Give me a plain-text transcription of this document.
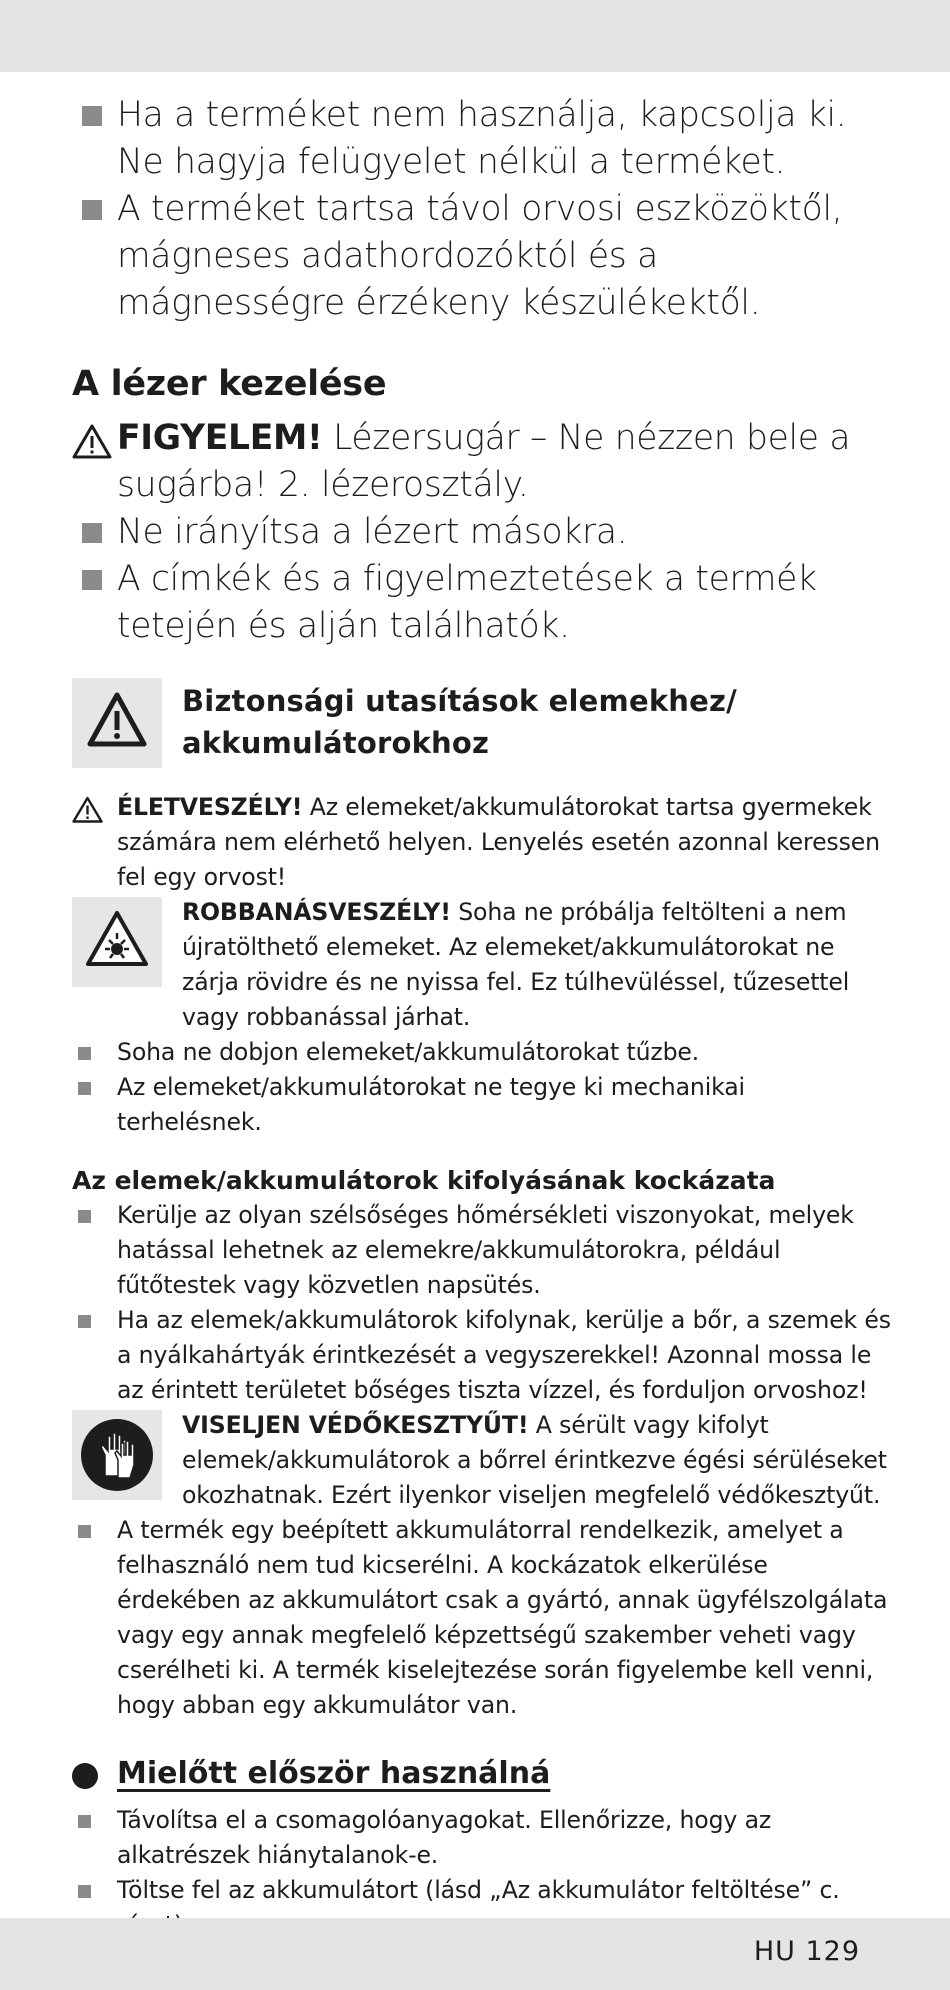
Ha a terméket nem használja, kapcsolja ki. Ne hagyja felügyelet nélkül a terméket.
A terméket tartsa távol orvosi eszközöktől, mágneses adathordozóktól és a mágnességre érzékeny készülékektől.
A lézer kezelése
FIGYELEM! Lézersugár – Ne nézzen bele a sugárba! 2. lézerosztály.
Ne irányítsa a lézert másokra.
A címkék és a figyelmeztetések a termék tetején és alján találhatók.
Biztonsági utasítások elemekhez/
akkumulátorokhoz
ÉLETVESZÉLY! Az elemeket/akkumulátorokat tartsa gyermekek számára nem elérhető helyen. Lenyelés esetén azonnal keressen fel egy orvost!
ROBBANÁSVESZÉLY! Soha ne próbálja feltölteni a nem újratölthető elemeket. Az elemeket/akkumulátorokat ne zárja rövidre és ne nyissa fel. Ez túlhevüléssel, tűzesettel vagy robbanással járhat.
Soha ne dobjon elemeket/akkumulátorokat tűzbe.
Az elemeket/akkumulátorokat ne tegye ki mechanikai terhelésnek.
Az elemek/akkumulátorok kifolyásának kockázata
Kerülje az olyan szélsőséges hőmérsékleti viszonyokat, melyek hatással lehetnek az elemekre/akkumulátorokra, például fűtőtestek vagy közvetlen napsütés.
Ha az elemek/akkumulátorok kifolynak, kerülje a bőr, a szemek és a nyálkahártyák érintkezését a vegyszerekkel! Azonnal mossa le az érintett területet bőséges tiszta vízzel, és forduljon orvoshoz!
VISELJEN VÉDŐKESZTYŰT! A sérült vagy kifolyt elemek/akkumulátorok a bőrrel érintkezve égési sérüléseket okozhatnak. Ezért ilyenkor viseljen megfelelő védőkesztyűt.
A termék egy beépített akkumulátorral rendelkezik, amelyet a felhasználó nem tud kicserélni. A kockázatok elkerülése érdekében az akkumulátort csak a gyártó, annak ügyfélszolgálata vagy egy annak megfelelő képzettségű szakember veheti vagy cserélheti ki. A termék kiselejtezése során figyelembe kell venni, hogy abban egy akkumulátor van.
Mielőtt először használná
Távolítsa el a csomagolóanyagokat. Ellenőrizze, hogy az alkatrészek hiánytalanok-e.
Töltse fel az akkumulátort (lásd „Az akkumulátor feltöltése” c.
HU 129
